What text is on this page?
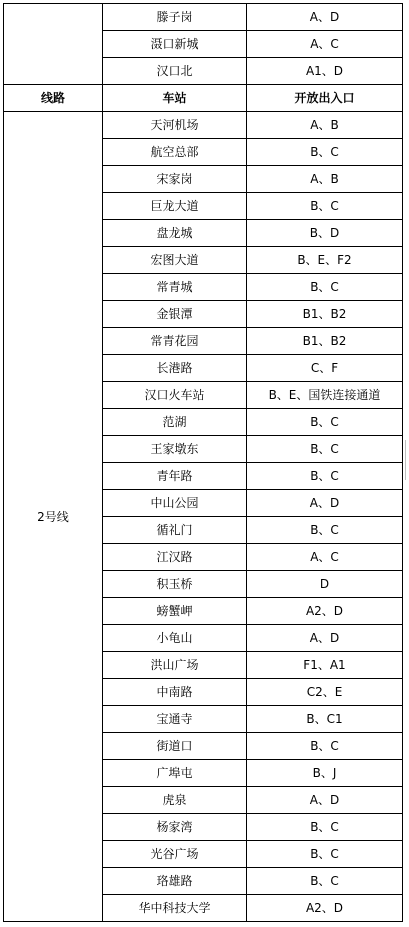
	滕子岗	A、D
	滠口新城	A、C
	汉口北	A1、D
线路	车站	开放出入口
2号线	天河机场	A、B
	航空总部	B、C
	宋家岗	A、B
	巨龙大道	B、C
	盘龙城	B、D
	宏图大道	B、E、F2
	常青城	B、C
	金银潭	B1、B2
	常青花园	B1、B2
	长港路	C、F
	汉口火车站	B、E、国铁连接通道
	范湖	B、C
	王家墩东	B、C
	青年路	B、C
	中山公园	A、D
	循礼门	B、C
	江汉路	A、C
	积玉桥	D
	螃蟹岬	A2、D
	小龟山	A、D
	洪山广场	F1、A1
	中南路	C2、E
	宝通寺	B、C1
	街道口	B、C
	广埠屯	B、J
	虎泉	A、D
	杨家湾	B、C
	光谷广场	B、C
	珞雄路	B、C
	华中科技大学	A2、D
